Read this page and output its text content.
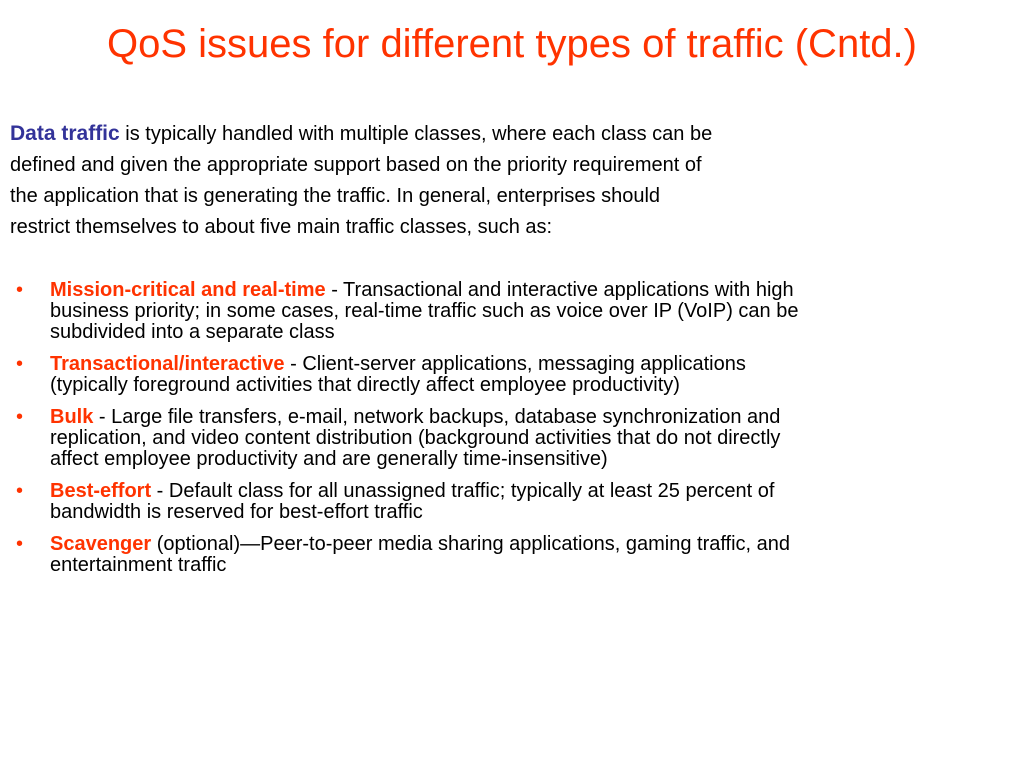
QoS issues for different types of traffic (Cntd.)

Data traffic is typically handled with multiple classes, where each class can be
defined and given the appropriate support based on the priority requirement of
the application that is generating the traffic. In general, enterprises should
restrict themselves to about five main traffic classes, such as:

• Mission-critical and real-time - Transactional and interactive applications with high
business priority; in some cases, real-time traffic such as voice over IP (VoIP) can be
subdivided into a separate class
• Transactional/interactive - Client-server applications, messaging applications
(typically foreground activities that directly affect employee productivity)
• Bulk - Large file transfers, e-mail, network backups, database synchronization and
replication, and video content distribution (background activities that do not directly
affect employee productivity and are generally time-insensitive)
• Best-effort - Default class for all unassigned traffic; typically at least 25 percent of
bandwidth is reserved for best-effort traffic
• Scavenger (optional)—Peer-to-peer media sharing applications, gaming traffic, and
entertainment traffic
